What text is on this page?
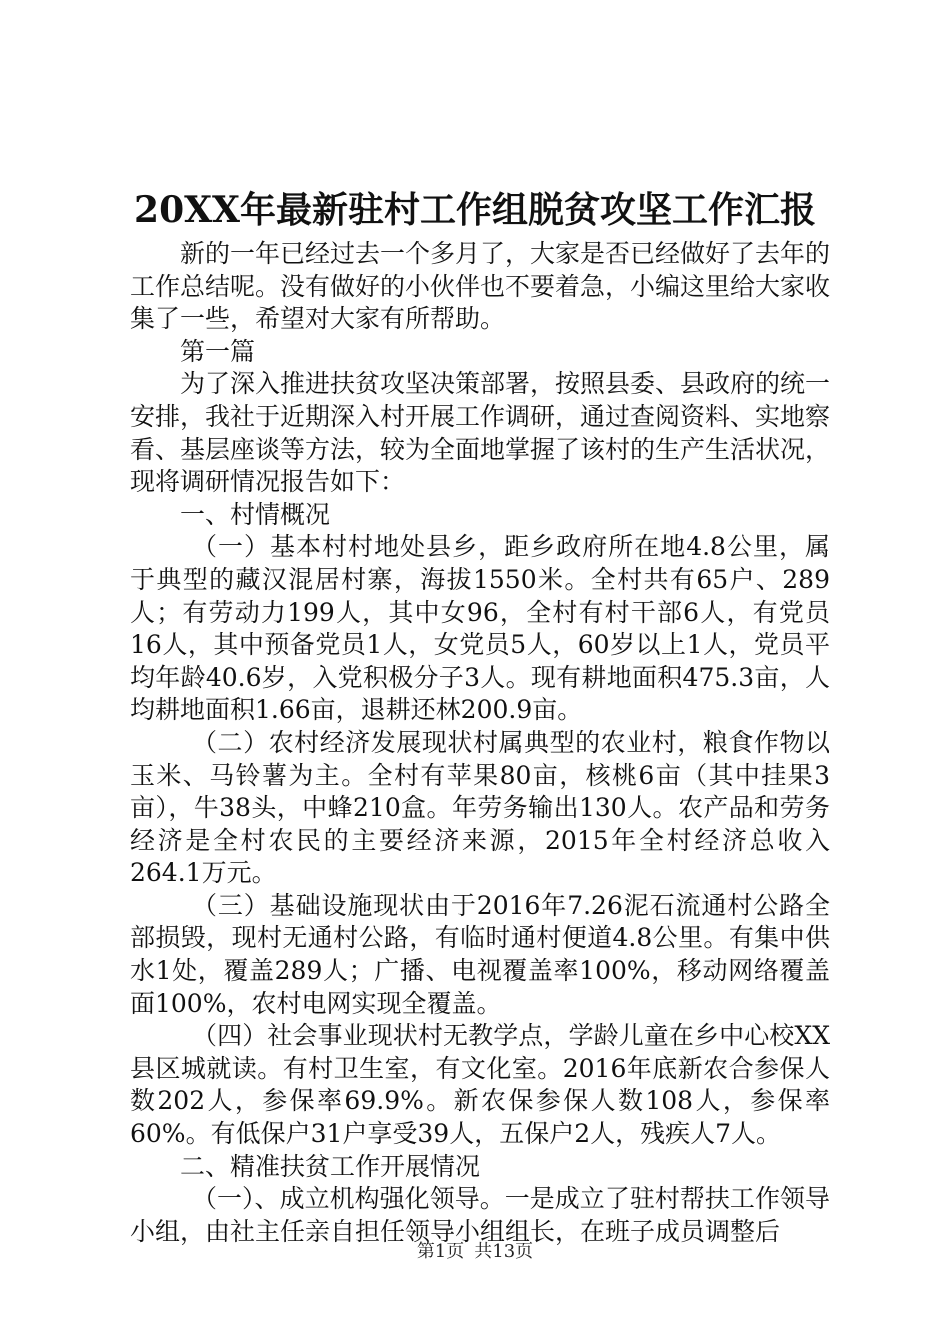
20XX年最新驻村工作组脱贫攻坚工作汇报

新的一年已经过去一个多月了，大家是否已经做好了去年的工作总结呢。没有做好的小伙伴也不要着急，小编这里给大家收集了一些，希望对大家有所帮助。

第一篇

为了深入推进扶贫攻坚决策部署，按照县委、县政府的统一安排，我社于近期深入村开展工作调研，通过查阅资料、实地察看、基层座谈等方法，较为全面地掌握了该村的生产生活状况，现将调研情况报告如下：

一、村情概况

（一）基本村村地处县乡，距乡政府所在地4.8公里，属于典型的藏汉混居村寨，海拔1550米。全村共有65户、289人；有劳动力199人，其中女96，全村有村干部6人，有党员16人，其中预备党员1人，女党员5人，60岁以上1人，党员平均年龄40.6岁，入党积极分子3人。现有耕地面积475.3亩，人均耕地面积1.66亩，退耕还林200.9亩。

（二）农村经济发展现状村属典型的农业村，粮食作物以玉米、马铃薯为主。全村有苹果80亩，核桃6亩（其中挂果3亩），牛38头，中蜂210盒。年劳务输出130人。农产品和劳务经济是全村农民的主要经济来源，2015年全村经济总收入264.1万元。

（三）基础设施现状由于2016年7.26泥石流通村公路全部损毁，现村无通村公路，有临时通村便道4.8公里。有集中供水1处，覆盖289人；广播、电视覆盖率100%，移动网络覆盖面100%，农村电网实现全覆盖。

（四）社会事业现状村无教学点，学龄儿童在乡中心校XX县区城就读。有村卫生室，有文化室。2016年底新农合参保人数202人，参保率69.9%。新农保参保人数108人，参保率60%。有低保户31户享受39人，五保户2人，残疾人7人。

二、精准扶贫工作开展情况

（一）、成立机构强化领导。一是成立了驻村帮扶工作领导小组，由社主任亲自担任领导小组组长，在班子成员调整后

第1页 共13页
